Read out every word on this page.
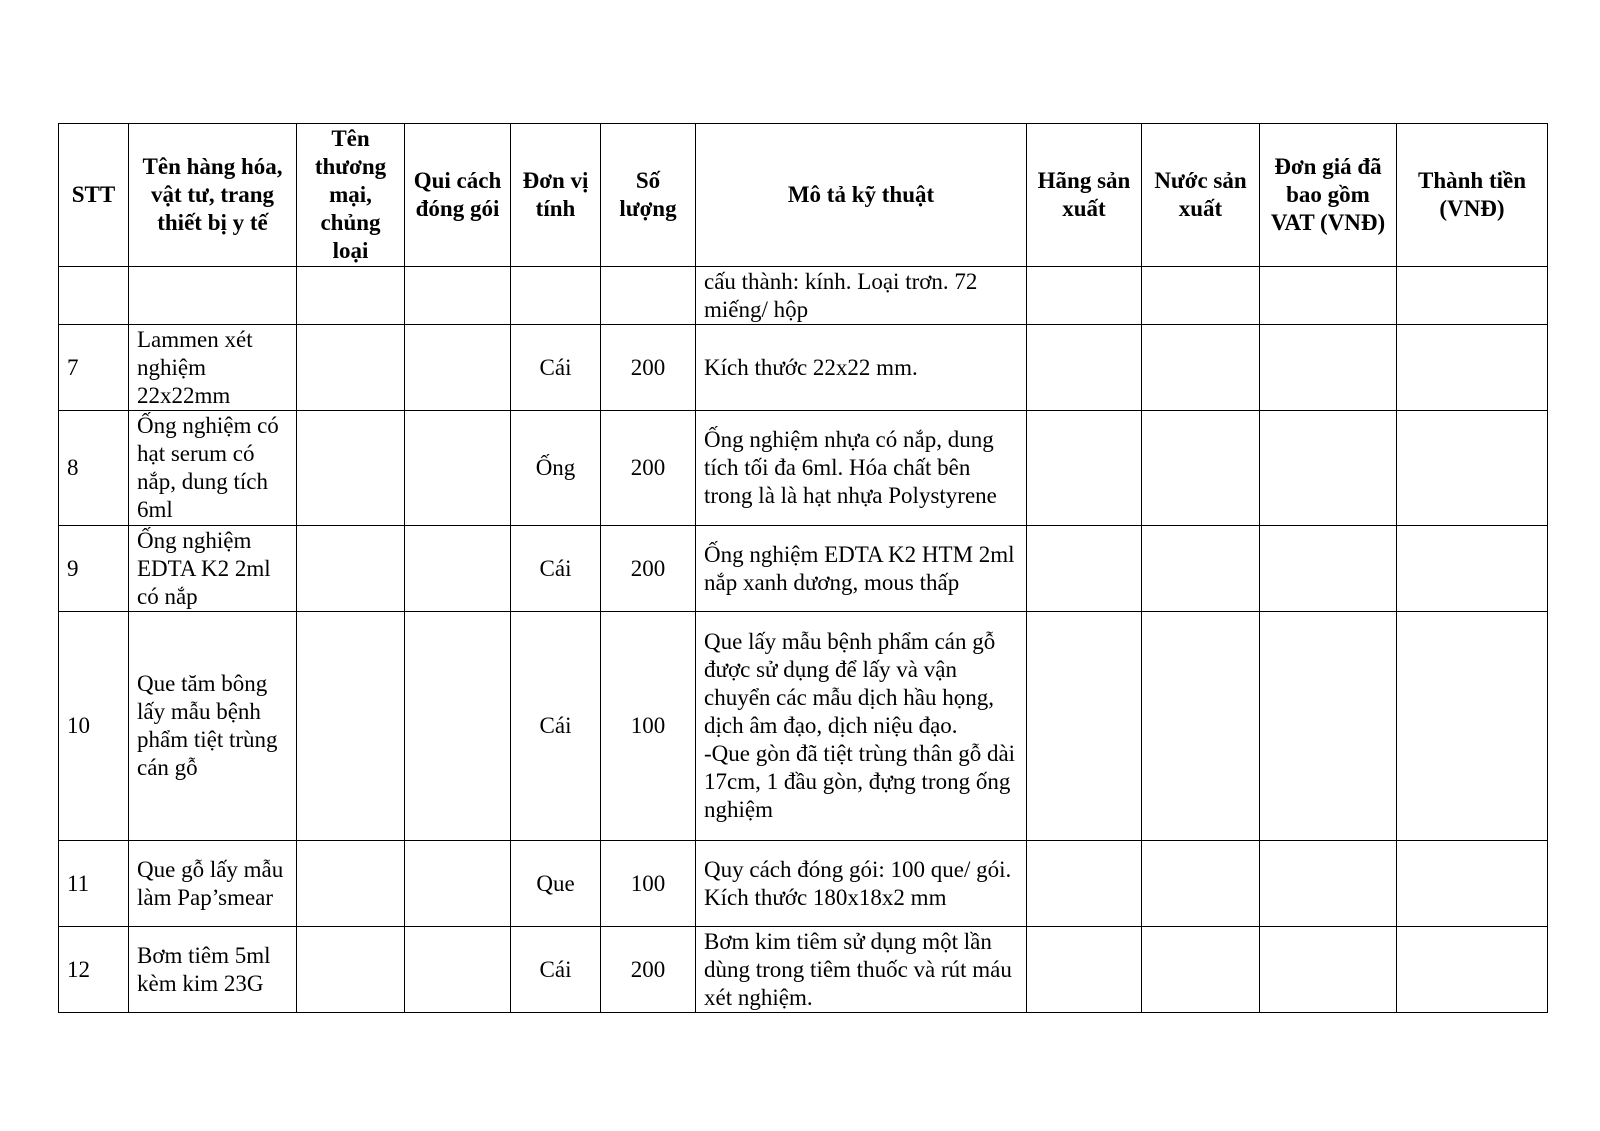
STT	Tên hàng hóa, vật tư, trang thiết bị y tế	Tên thương mại, chủng loại	Qui cách đóng gói	Đơn vị tính	Số lượng	Mô tả kỹ thuật	Hãng sản xuất	Nước sản xuất	Đơn giá đã bao gồm VAT (VNĐ)	Thành tiền (VNĐ)
						cấu thành: kính. Loại trơn. 72 miếng/ hộp				
7	Lammen xét nghiệm 22x22mm			Cái	200	Kích thước 22x22 mm.				
8	Ống nghiệm có hạt serum có nắp, dung tích 6ml			Ống	200	Ống nghiệm nhựa có nắp, dung tích tối đa 6ml. Hóa chất bên trong là là hạt nhựa Polystyrene				
9	Ống nghiệm EDTA K2 2ml có nắp			Cái	200	Ống nghiệm EDTA K2 HTM 2ml nắp xanh dương, mous thấp				
10	Que tăm bông lấy mẫu bệnh phẩm tiệt trùng cán gỗ			Cái	100	Que lấy mẫu bệnh phẩm cán gỗ được sử dụng để lấy và vận chuyển các mẫu dịch hầu họng, dịch âm đạo, dịch niệu đạo.
-Que gòn đã tiệt trùng thân gỗ dài 17cm, 1 đầu gòn, đựng trong ống nghiệm				
11	Que gỗ lấy mẫu làm Pap’smear			Que	100	Quy cách đóng gói: 100 que/ gói. Kích thước 180x18x2 mm				
12	Bơm tiêm 5ml kèm kim 23G			Cái	200	Bơm kim tiêm sử dụng một lần dùng trong tiêm thuốc và rút máu xét nghiệm.				
